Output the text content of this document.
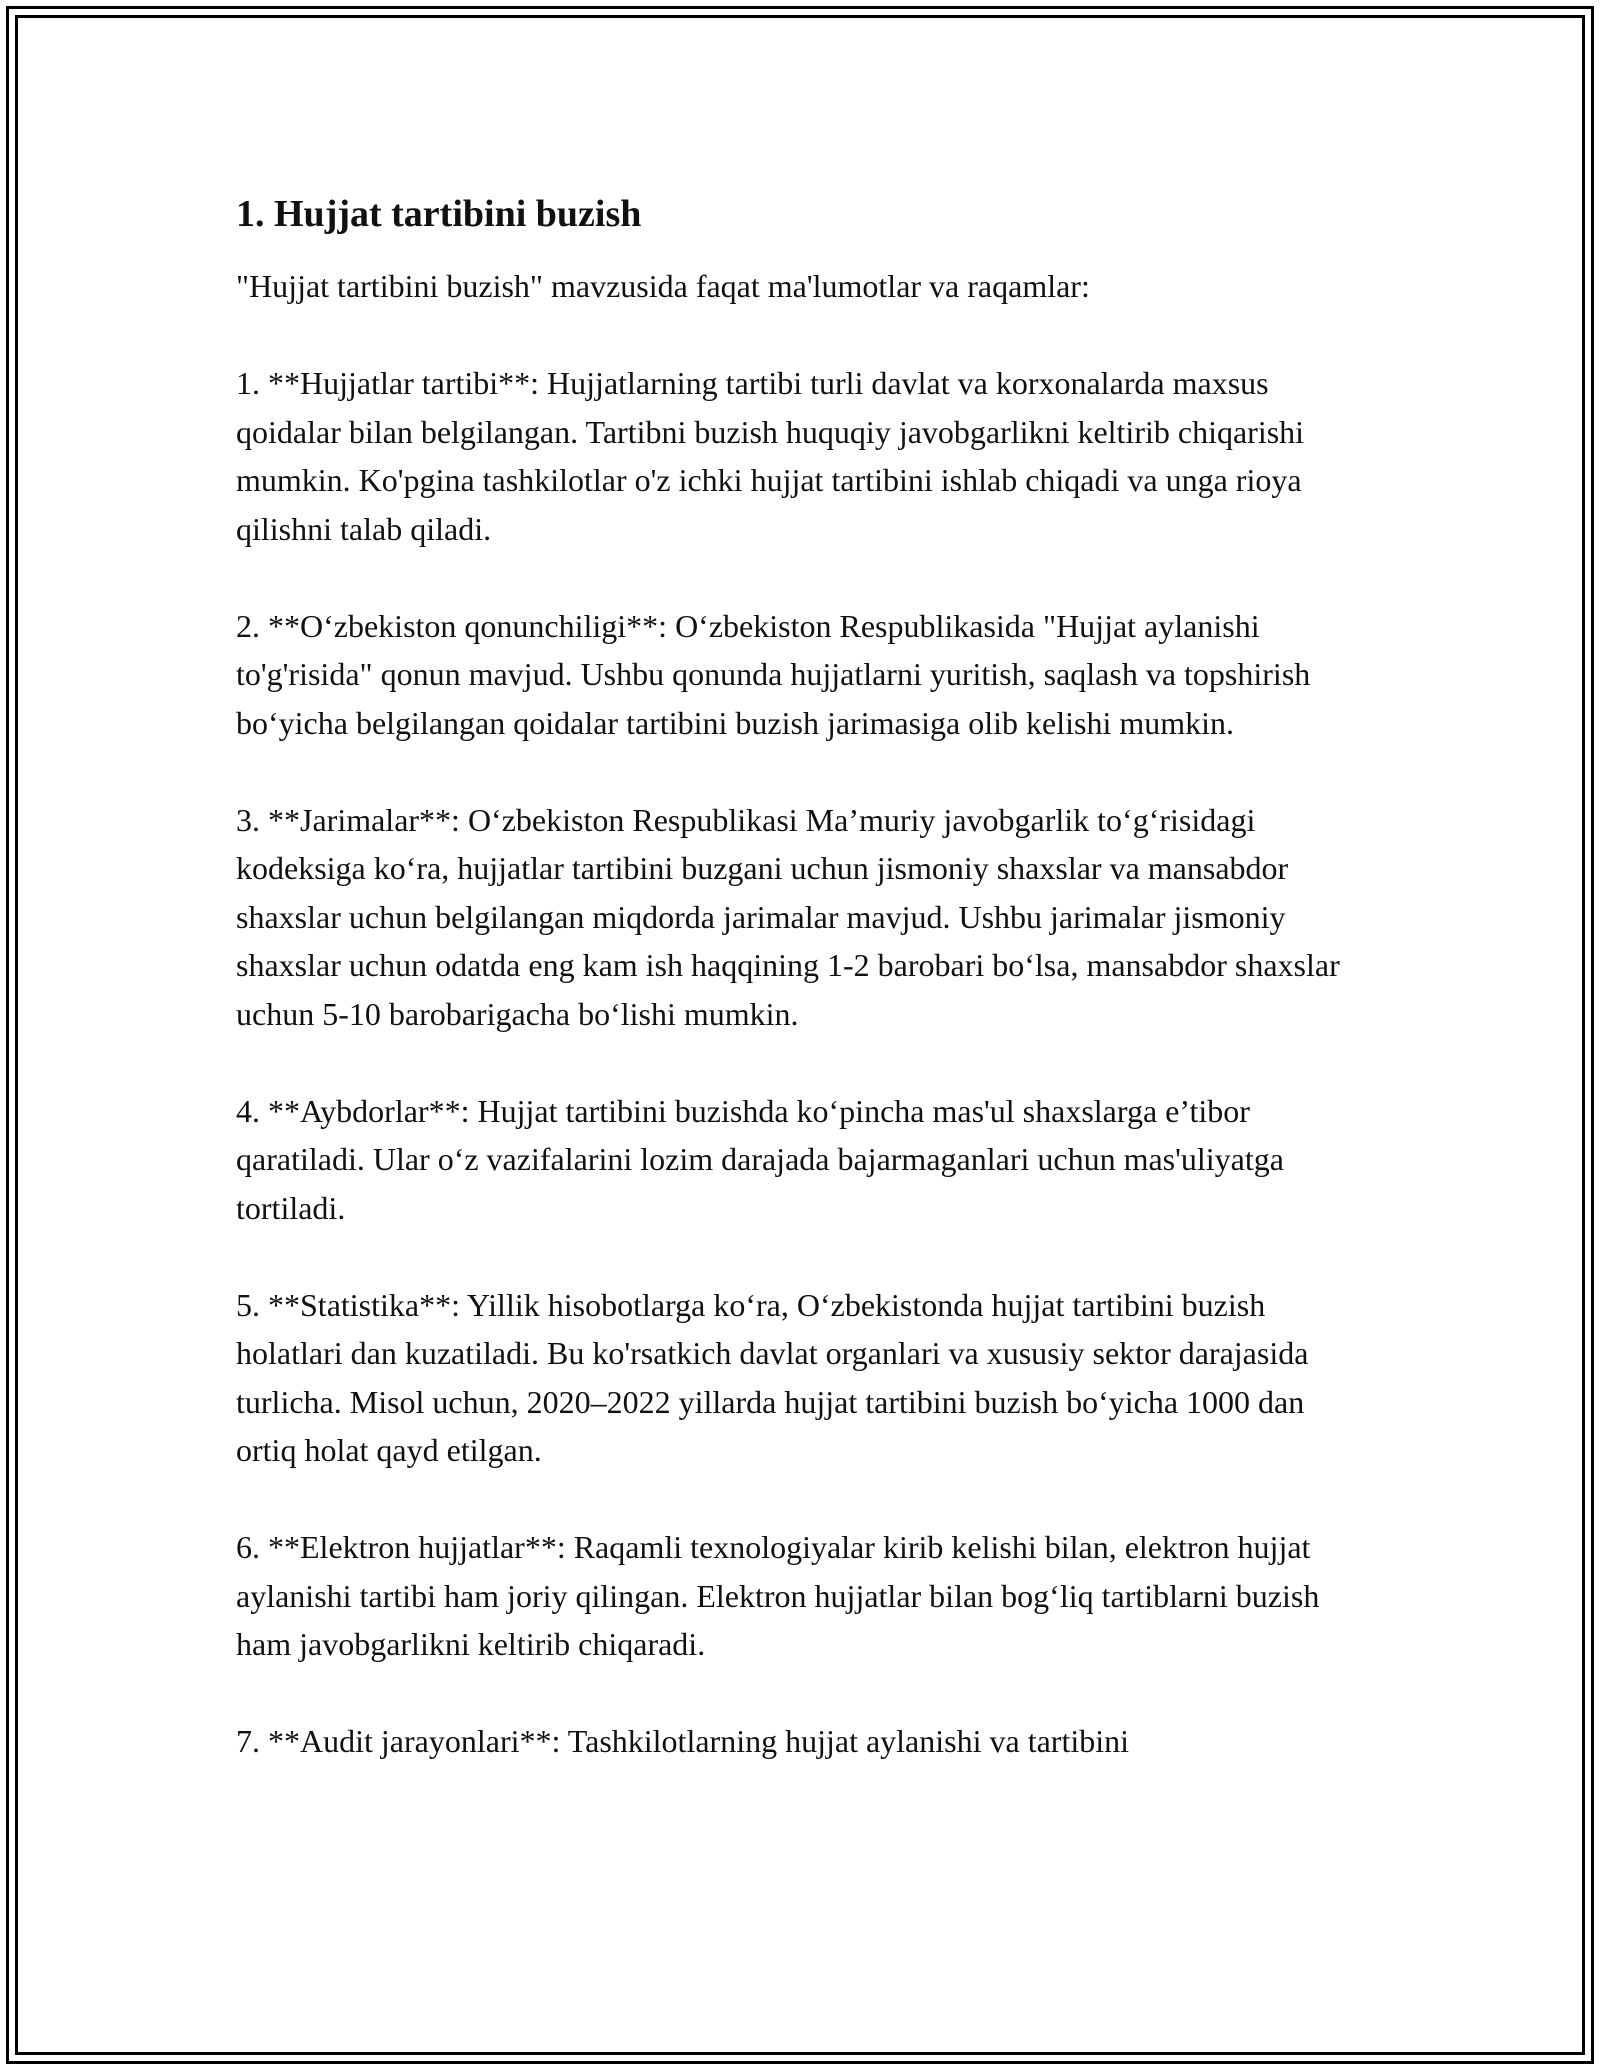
1. Hujjat tartibini buzish

"Hujjat tartibini buzish" mavzusida faqat ma'lumotlar va raqamlar:

1. **Hujjatlar tartibi**: Hujjatlarning tartibi turli davlat va korxonalarda maxsus qoidalar bilan belgilangan. Tartibni buzish huquqiy javobgarlikni keltirib chiqarishi mumkin. Ko'pgina tashkilotlar o'z ichki hujjat tartibini ishlab chiqadi va unga rioya qilishni talab qiladi.

2. **O‘zbekiston qonunchiligi**: O‘zbekiston Respublikasida "Hujjat aylanishi to'g'risida" qonun mavjud. Ushbu qonunda hujjatlarni yuritish, saqlash va topshirish bo‘yicha belgilangan qoidalar tartibini buzish jarimasiga olib kelishi mumkin.

3. **Jarimalar**: O‘zbekiston Respublikasi Ma’muriy javobgarlik to‘g‘risidagi kodeksiga ko‘ra, hujjatlar tartibini buzgani uchun jismoniy shaxslar va mansabdor shaxslar uchun belgilangan miqdorda jarimalar mavjud. Ushbu jarimalar jismoniy shaxslar uchun odatda eng kam ish haqqining 1-2 barobari bo‘lsa, mansabdor shaxslar uchun 5-10 barobarigacha bo‘lishi mumkin.

4. **Aybdorlar**: Hujjat tartibini buzishda ko‘pincha mas'ul shaxslarga e’tibor qaratiladi. Ular o‘z vazifalarini lozim darajada bajarmaganlari uchun mas'uliyatga tortiladi.

5. **Statistika**: Yillik hisobotlarga ko‘ra, O‘zbekistonda hujjat tartibini buzish holatlari dan kuzatiladi. Bu ko'rsatkich davlat organlari va xususiy sektor darajasida turlicha. Misol uchun, 2020–2022 yillarda hujjat tartibini buzish bo‘yicha 1000 dan ortiq holat qayd etilgan.

6. **Elektron hujjatlar**: Raqamli texnologiyalar kirib kelishi bilan, elektron hujjat aylanishi tartibi ham joriy qilingan. Elektron hujjatlar bilan bog‘liq tartiblarni buzish ham javobgarlikni keltirib chiqaradi.

7. **Audit jarayonlari**: Tashkilotlarning hujjat aylanishi va tartibini
